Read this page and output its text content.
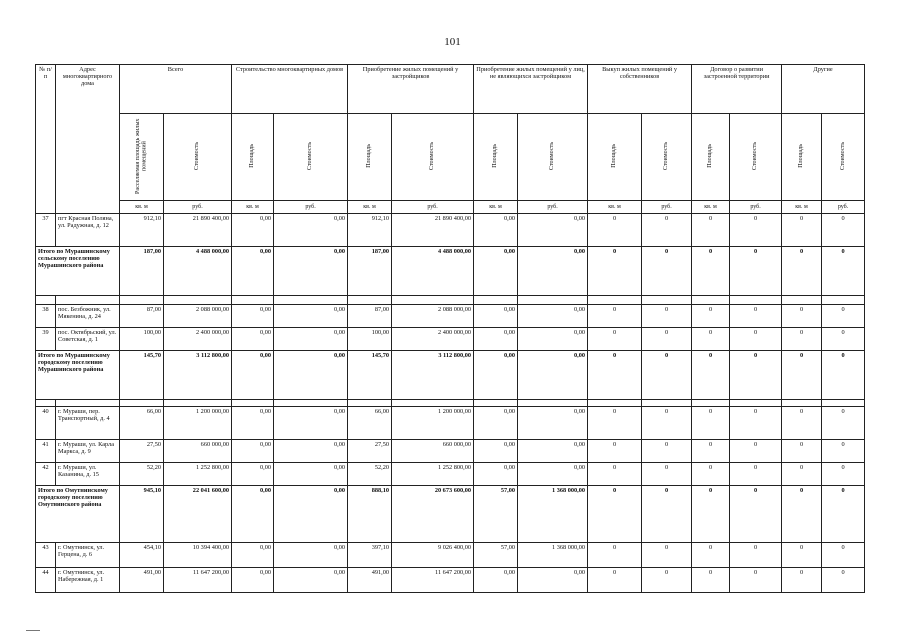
101
№ п/п	Адрес многоквартирного дома	Всего		Строительство многоквартирных домов		Приобретение жилых помещений у застройщиков		Приобретение жилых помещений у лиц, не являющихся застройщиком		Выкуп жилых помещений у собственников		Договор о развитии застроенной территории		Другие	
		Расселяемая площадь жилых помещений	Стоимость	Площадь	Стоимость	Площадь	Стоимость	Площадь	Стоимость	Площадь	Стоимость	Площадь	Стоимость	Площадь	Стоимость
		кв. м	руб.	кв. м	руб.	кв. м	руб.	кв. м	руб.	кв. м	руб.	кв. м	руб.	кв. м	руб.
37	пгт Красная Поляна, ул. Радужная, д. 12	912,10	21 890 400,00	0,00	0,00	912,10	21 890 400,00	0,00	0,00	0	0	0	0	0	0
Итого по Мурашинскому сельскому поселению Мурашинского района		187,00	4 488 000,00	0,00	0,00	187,00	4 488 000,00	0,00	0,00	0	0	0	0	0	0

38	пос. Безбожник, ул. Мякенина, д. 24	87,00	2 088 000,00	0,00	0,00	87,00	2 088 000,00	0,00	0,00	0	0	0	0	0	0
39	пос. Октябрьский, ул. Советская, д. 1	100,00	2 400 000,00	0,00	0,00	100,00	2 400 000,00	0,00	0,00	0	0	0	0	0	0
Итого по Мурашинскому городскому поселению Мурашинского района		145,70	3 112 800,00	0,00	0,00	145,70	3 112 800,00	0,00	0,00	0	0	0	0	0	0

40	г. Мураши, пер. Транспортный, д. 4	66,00	1 200 000,00	0,00	0,00	66,00	1 200 000,00	0,00	0,00	0	0	0	0	0	0
41	г. Мураши, ул. Карла Маркса, д. 9	27,50	660 000,00	0,00	0,00	27,50	660 000,00	0,00	0,00	0	0	0	0	0	0
42	г. Мураши, ул. Казанина, д. 15	52,20	1 252 800,00	0,00	0,00	52,20	1 252 800,00	0,00	0,00	0	0	0	0	0	0
Итого по Омутнинскому городскому поселению Омутнинского района		945,10	22 041 600,00	0,00	0,00	888,10	20 673 600,00	57,00	1 368 000,00	0	0	0	0	0	0
43	г. Омутнинск, ул. Герцена, д. 6	454,10	10 394 400,00	0,00	0,00	397,10	9 026 400,00	57,00	1 368 000,00	0	0	0	0	0	0
44	г. Омутнинск, ул. Набережная, д. 1	491,00	11 647 200,00	0,00	0,00	491,00	11 647 200,00	0,00	0,00	0	0	0	0	0	0
